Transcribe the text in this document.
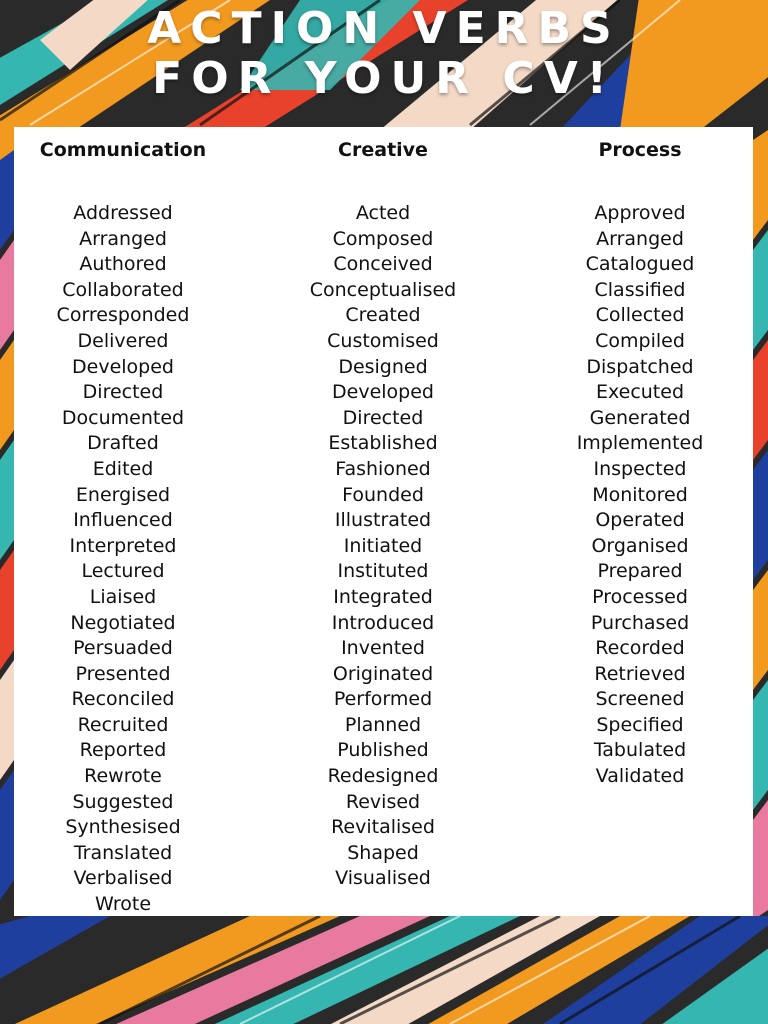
ACTION VERBS
FOR YOUR CV!
Communication
Addressed
Arranged
Authored
Collaborated
Corresponded
Delivered
Developed
Directed
Documented
Drafted
Edited
Energised
Influenced
Interpreted
Lectured
Liaised
Negotiated
Persuaded
Presented
Reconciled
Recruited
Reported
Rewrote
Suggested
Synthesised
Translated
Verbalised
Wrote
Creative
Acted
Composed
Conceived
Conceptualised
Created
Customised
Designed
Developed
Directed
Established
Fashioned
Founded
Illustrated
Initiated
Instituted
Integrated
Introduced
Invented
Originated
Performed
Planned
Published
Redesigned
Revised
Revitalised
Shaped
Visualised
Process
Approved
Arranged
Catalogued
Classified
Collected
Compiled
Dispatched
Executed
Generated
Implemented
Inspected
Monitored
Operated
Organised
Prepared
Processed
Purchased
Recorded
Retrieved
Screened
Specified
Tabulated
Validated
